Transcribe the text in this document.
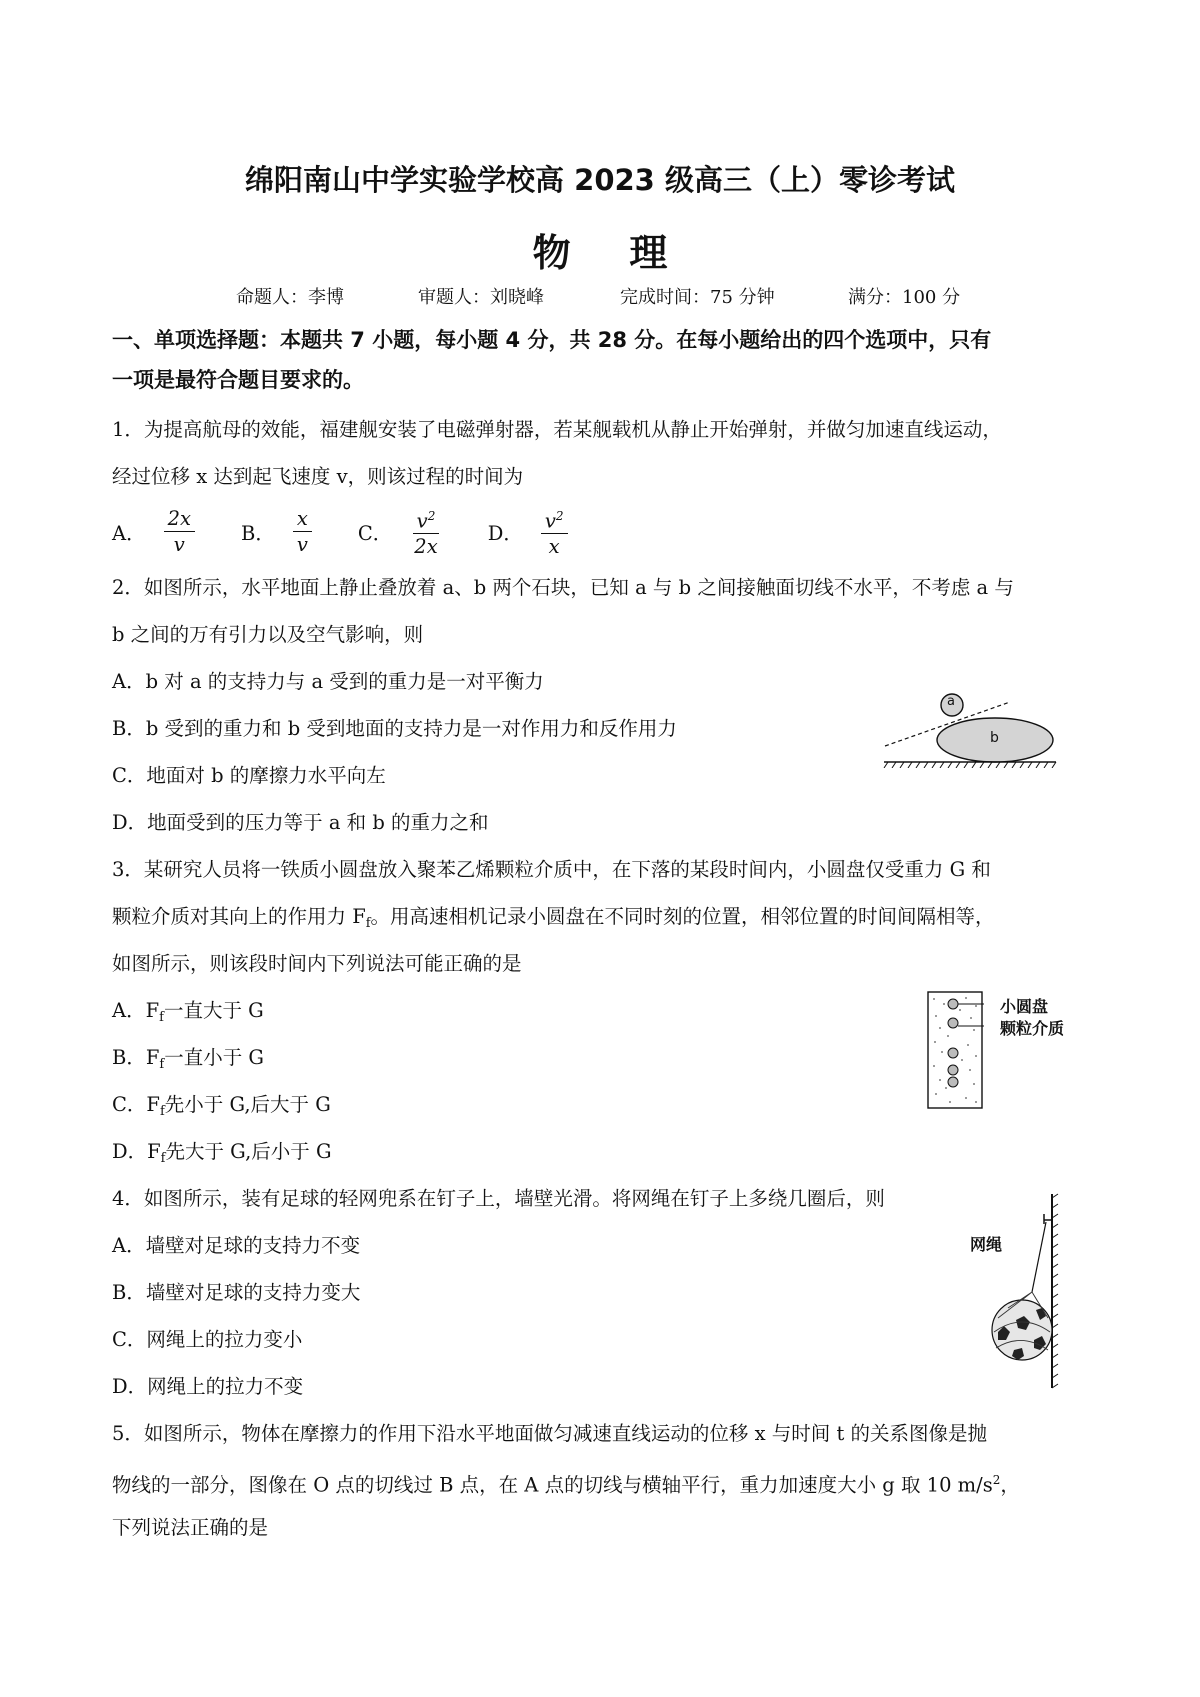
绵阳南山中学实验学校高 2023 级高三（上）零诊考试
物 理
命题人：李博	审题人：刘晓峰	完成时间：75 分钟	满分：100 分
一、单项选择题：本题共 7 小题，每小题 4 分，共 28 分。在每小题给出的四个选项中，只有
一项是最符合题目要求的。
1．为提高航母的效能，福建舰安装了电磁弹射器，若某舰载机从静止开始弹射，并做匀加速直线运动，
经过位移 x 达到起飞速度 v，则该过程的时间为
A． $\frac{2x}{v}$ B． $\frac{x}{v}$ C． $\frac{v^2}{2x}$ D． $\frac{v^2}{x}$
2．如图所示，水平地面上静止叠放着 a、b 两个石块，已知 a 与 b 之间接触面切线不水平，不考虑 a 与
b 之间的万有引力以及空气影响，则
A．b 对 a 的支持力与 a 受到的重力是一对平衡力
B．b 受到的重力和 b 受到地面的支持力是一对作用力和反作用力
C．地面对 b 的摩擦力水平向左
D．地面受到的压力等于 a 和 b 的重力之和
3．某研究人员将一铁质小圆盘放入聚苯乙烯颗粒介质中，在下落的某段时间内，小圆盘仅受重力 G 和
颗粒介质对其向上的作用力 $F_f$。用高速相机记录小圆盘在不同时刻的位置，相邻位置的时间间隔相等，
如图所示，则该段时间内下列说法可能正确的是
A．$F_f$一直大于 G
B．$F_f$一直小于 G
C．$F_f$先小于 G,后大于 G
D．$F_f$先大于 G,后小于 G
4．如图所示，装有足球的轻网兜系在钉子上，墙壁光滑。将网绳在钉子上多绕几圈后，则
A．墙壁对足球的支持力不变
B．墙壁对足球的支持力变大
C．网绳上的拉力变小
D．网绳上的拉力不变
5．如图所示，物体在摩擦力的作用下沿水平地面做匀减速直线运动的位移 x 与时间 t 的关系图像是抛
物线的一部分，图像在 O 点的切线过 B 点，在 A 点的切线与横轴平行，重力加速度大小 g 取 10 $m/s^2$，
下列说法正确的是
a
b
小圆盘
颗粒介质
网绳
